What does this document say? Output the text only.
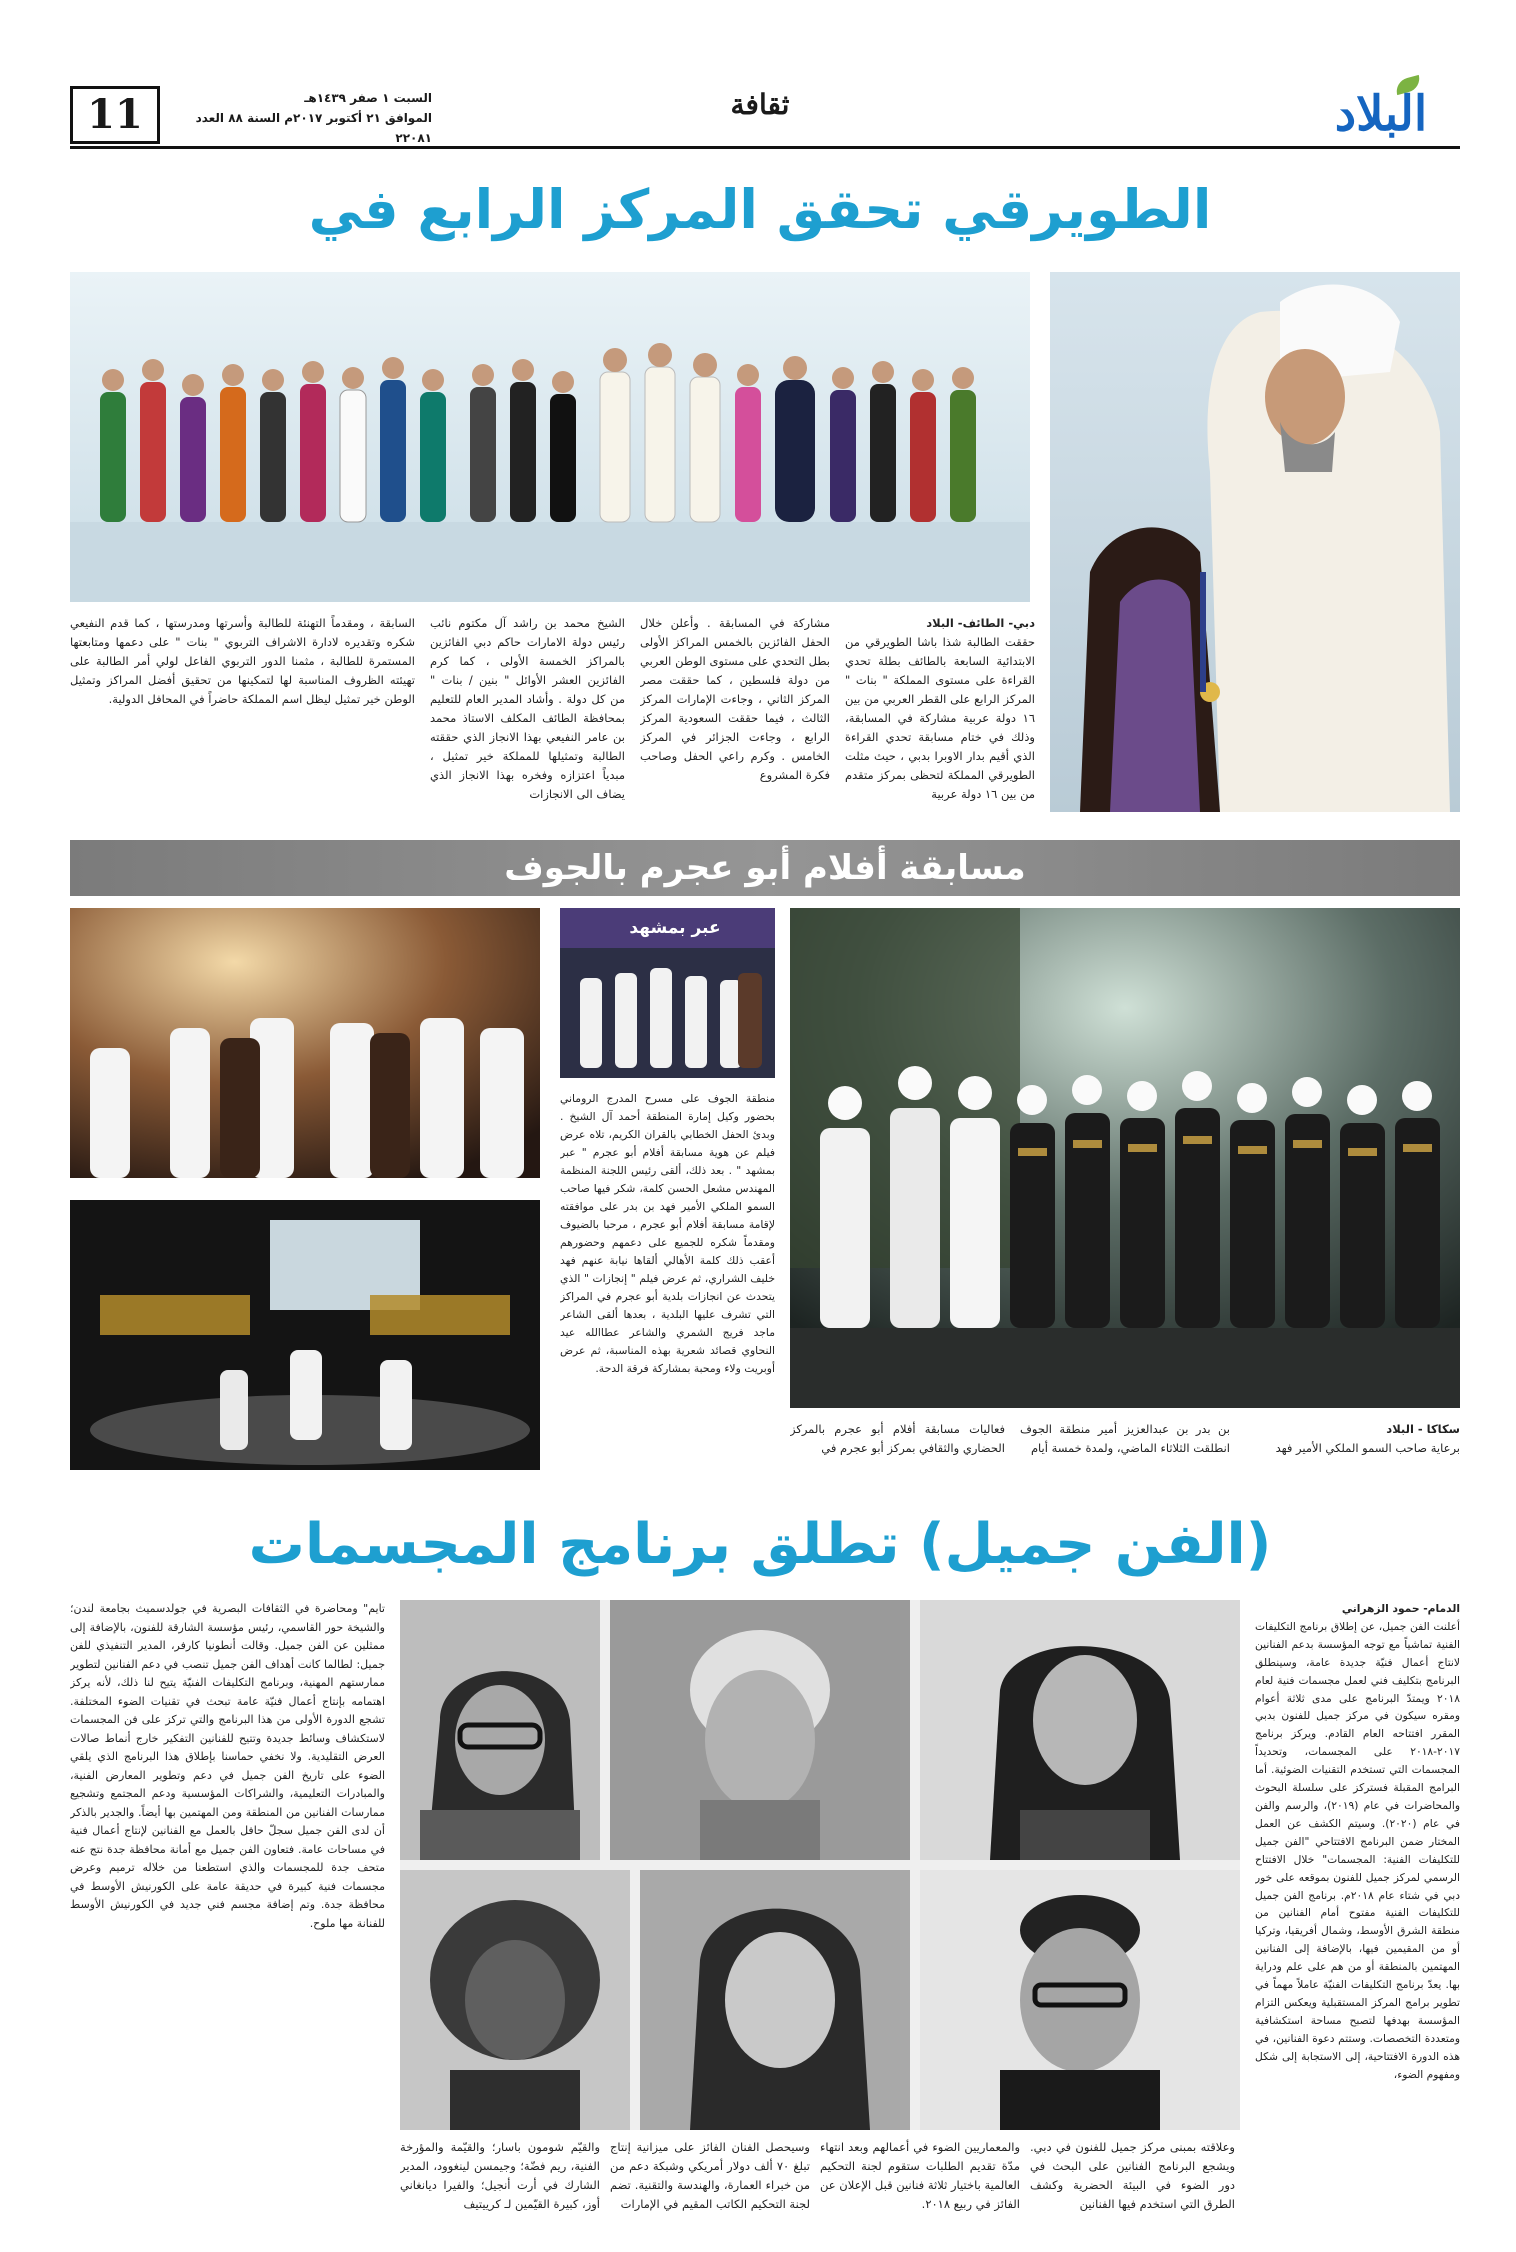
البلاد
ثقافة
11	السبت ١ صفر ١٤٣٩هـ
الموافق ٢١ أكتوبر ٢٠١٧م السنة ٨٨ العدد ٢٢٠٨١
الطويرقي تحقق المركز الرابع في
دبي- الطائف- البلاد
حققت الطالبة شذا باشا الطويرقي من الابتدائية السابعة بالطائف بطلة تحدي القراءة على مستوى المملكة " بنات " المركز الرابع على القطر العربي من بين ١٦ دولة عربية مشاركة في المسابقة، وذلك في ختام مسابقة تحدي القراءة الذي أقيم بدار الاوبرا بدبي ، حيث مثلت الطويرقي المملكة لتحظى بمركز متقدم من بين ١٦ دولة عربية
مشاركة في المسابقة . وأعلن خلال الحفل الفائزين بالخمس المراكز الأولى بطل التحدي على مستوى الوطن العربي من دولة فلسطين ، كما حققت مصر المركز الثاني ، وجاءت الإمارات المركز الثالث ، فيما حققت السعودية المركز الرابع ، وجاءت الجزائر في المركز الخامس . وكرم راعي الحفل وصاحب فكرة المشروع
الشيخ محمد بن راشد آل مكتوم نائب رئيس دولة الامارات حاكم دبي الفائزين بالمراكز الخمسة الأولى ، كما كرم الفائزين العشر الأوائل " بنين / بنات " من كل دولة . وأشاد المدير العام للتعليم بمحافظة الطائف المكلف الاستاذ محمد بن عامر النفيعي بهذا الانجاز الذي حققته الطالبة وتمثيلها للمملكة خير تمثيل ، مبدياً اعتزازه وفخره بهذا الانجاز الذي يضاف الى الانجازات
السابقة ، ومقدماً التهنئة للطالبة وأسرتها ومدرستها ، كما قدم النفيعي شكره وتقديره لادارة الاشراف التربوي " بنات " على دعمها ومتابعتها المستمرة للطالبة ، مثمنا الدور التربوي الفاعل لولي أمر الطالبة على تهيئته الظروف المناسبة لها لتمكينها من تحقيق أفضل المراكز وتمثيل الوطن خير تمثيل ليظل اسم المملكة حاضراً في المحافل الدولية.
مسابقة أفلام أبو عجرم بالجوف
عبر بمشهد
سكاكا - البلاد
برعاية صاحب السمو الملكي الأمير فهد
بن بدر بن عبدالعزيز أمير منطقة الجوف انطلقت الثلاثاء الماضي، ولمدة خمسة أيام
فعاليات مسابقة أفلام أبو عجرم بالمركز الحضاري والثقافي بمركز أبو عجرم في
منطقة الجوف على مسرح المدرج الروماني بحضور وكيل إمارة المنطقة أحمد آل الشيخ . وبدئ الحفل الخطابي بالقران الكريم، تلاه عرض فيلم عن هوية مسابقة أفلام أبو عجرم " عبر بمشهد " . بعد ذلك، ألقى رئيس اللجنة المنظمة المهندس مشعل الحسن كلمة، شكر فيها صاحب السمو الملكي الأمير فهد بن بدر على موافقته لإقامة مسابقة أفلام أبو عجرم ، مرحبا بالضيوف ومقدماً شكره للجميع على دعمهم وحضورهم أعقب ذلك كلمة الأهالي ألقاها نيابة عنهم فهد خليف الشراري، ثم عرض فيلم " إنجازات " الذي يتحدث عن انجازات بلدية أبو عجرم في المراكز التي تشرف عليها البلدية ، بعدها ألقى الشاعر ماجد فريج الشمري والشاعر عطاالله عيد النحاوي قصائد شعرية بهذه المناسبة، ثم عرض أوبريت ولاء ومحبة بمشاركة فرقة الدحة.
(الفن جميل) تطلق برنامج المجسمات
الدمام- حمود الزهراني
أعلنت الفن جميل، عن إطلاق برنامج التكليفات الفنية تماشياً مع توجه المؤسسة بدعم الفنانين لانتاج أعمال فنيّة جديدة عامة، وسينطلق البرنامج بتكليف فني لعمل مجسمات فنية لعام ٢٠١٨ ويمتدّ البرنامج على مدى ثلاثة أعوام ومقره سيكون في مركز جميل للفنون بدبي المقرر افتتاحه العام القادم. ويركز برنامج ٢٠١٧-٢٠١٨ على المجسمات، وتحديداً المجسمات التي تستخدم التقنيات الضوئية. أما البرامج المقبلة فستركز على سلسلة البحوث والمحاضرات في عام (٢٠١٩)، والرسم والفن في عام (٢٠٢٠). وسيتم الكشف عن العمل المختار ضمن البرنامج الافتتاحي "الفن جميل للتكليفات الفنية: المجسمات" خلال الافتتاح الرسمي لمركز جميل للفنون بموقعه على خور دبي في شتاء عام ٢٠١٨م. برنامج الفن جميل للتكليفات الفنية مفتوح أمام الفنانين من منطقة الشرق الأوسط، وشمال أفريقيا، وتركيا أو من المقيمين فيها، بالإضافة إلى الفنانين المهتمين بالمنطقة أو من هم على علم ودراية بها. يعدّ برنامج التكليفات الفنيّة عاملاً مهماً في تطوير برامج المركز المستقبلية ويعكس التزام المؤسسة بهدفها لتصبح مساحة استكشافية ومتعددة التخصصات. وستتم دعوة الفنانين، في هذه الدورة الافتتاحية، إلى الاستجابة إلى شكل ومفهوم الضوء،
تايم" ومحاضرة في الثقافات البصرية في جولدسميث بجامعة لندن؛ والشيخة حور القاسمي، رئيس مؤسسة الشارقة للفنون، بالإضافة إلى ممثلين عن الفن جميل. وقالت أنطونيا كارفر، المدير التنفيذي للفن جميل: لطالما كانت أهداف الفن جميل تنصب في دعم الفنانين لتطوير ممارستهم المهنية، وبرنامج التكليفات الفنيّة يتيح لنا ذلك، لأنه يركز اهتمامه بإنتاج أعمال فنيّة عامة تبحث في تقنيات الضوء المختلفة. تشجع الدورة الأولى من هذا البرنامج والتي تركز على فن المجسمات لاستكشاف وسائط جديدة وتتيح للفنانين التفكير خارج أنماط صالات العرض التقليدية. ولا نخفي حماسنا بإطلاق هذا البرنامج الذي يلقي الضوء على تاريخ الفن جميل في دعم وتطوير المعارض الفنية، والمبادرات التعليمية، والشراكات المؤسسية ودعم المجتمع وتشجيع ممارسات الفنانين من المنطقة ومن المهتمين بها أيضاً. والجدير بالذكر أن لدى الفن جميل سجلّ حافل بالعمل مع الفنانين لإنتاج أعمال فنية في مساحات عامة. فتعاون الفن جميل مع أمانة محافظة جدة نتج عنه متحف جدة للمجسمات والذي استطعنا من خلاله ترميم وعرض مجسمات فنية كبيرة في حديقة عامة على الكورنيش الأوسط في محافظة جدة. وتم إضافة مجسم فني جديد في الكورنيش الأوسط للفنانة مها ملوح.
وعلاقته بمبنى مركز جميل للفنون في دبي. ويشجع البرنامج الفنانين على البحث في دور الضوء في البيئة الحضرية وكشف الطرق التي استخدم فيها الفنانين
والمعماريين الضوء في أعمالهم وبعد انتهاء مدّة تقديم الطلبات ستقوم لجنة التحكيم العالمية باختيار ثلاثة فنانين قبل الإعلان عن الفائز في ربيع ٢٠١٨.
وسيحصل الفنان الفائز على ميزانية إنتاج تبلغ ٧٠ ألف دولار أمريكي وشبكة دعم من من خبراء العمارة، والهندسة والتقنية. تضم لجنة التحكيم الكاتب المقيم في الإمارات
والقيّم شومون باسار؛ والقيّمة والمؤرخة الفنية، ريم فضّة؛ وجيمسن لينغوود، المدير الشارك في أرت أنجيل؛ والفيرا ديانغاني أوز، كبيرة القيّمين لـ كرييتيف
